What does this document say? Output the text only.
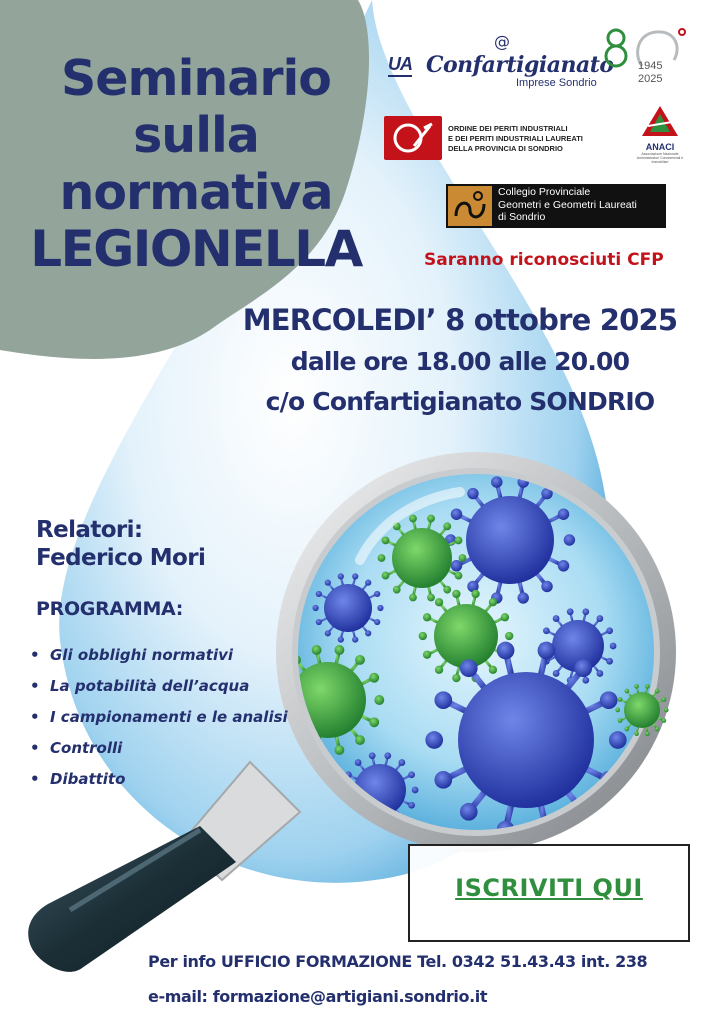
Seminario
sulla
normativa
LEGIONELLA
UA
@
Confartigianato
Imprese Sondrio
1945
2025
ORDINE DEI PERITI INDUSTRIALI
E DEI PERITI INDUSTRIALI LAUREATI
DELLA PROVINCIA DI SONDRIO	ANACI
Associazione Nazionale Amministratori Condominiali e Immobiliari
Collegio Provinciale
Geometri e Geometri Laureati
di Sondrio
Saranno riconosciuti CFP
MERCOLEDI’ 8 ottobre 2025
dalle ore 18.00 alle 20.00
c/o Confartigianato SONDRIO
Relatori:
Federico Mori
PROGRAMMA:
• Gli obblighi normativi
• La potabilità dell’acqua
• I campionamenti e le analisi
• Controlli
• Dibattito
ISCRIVITI QUI
Per info UFFICIO FORMAZIONE Tel. 0342 51.43.43 int. 238
e-mail: formazione@artigiani.sondrio.it
